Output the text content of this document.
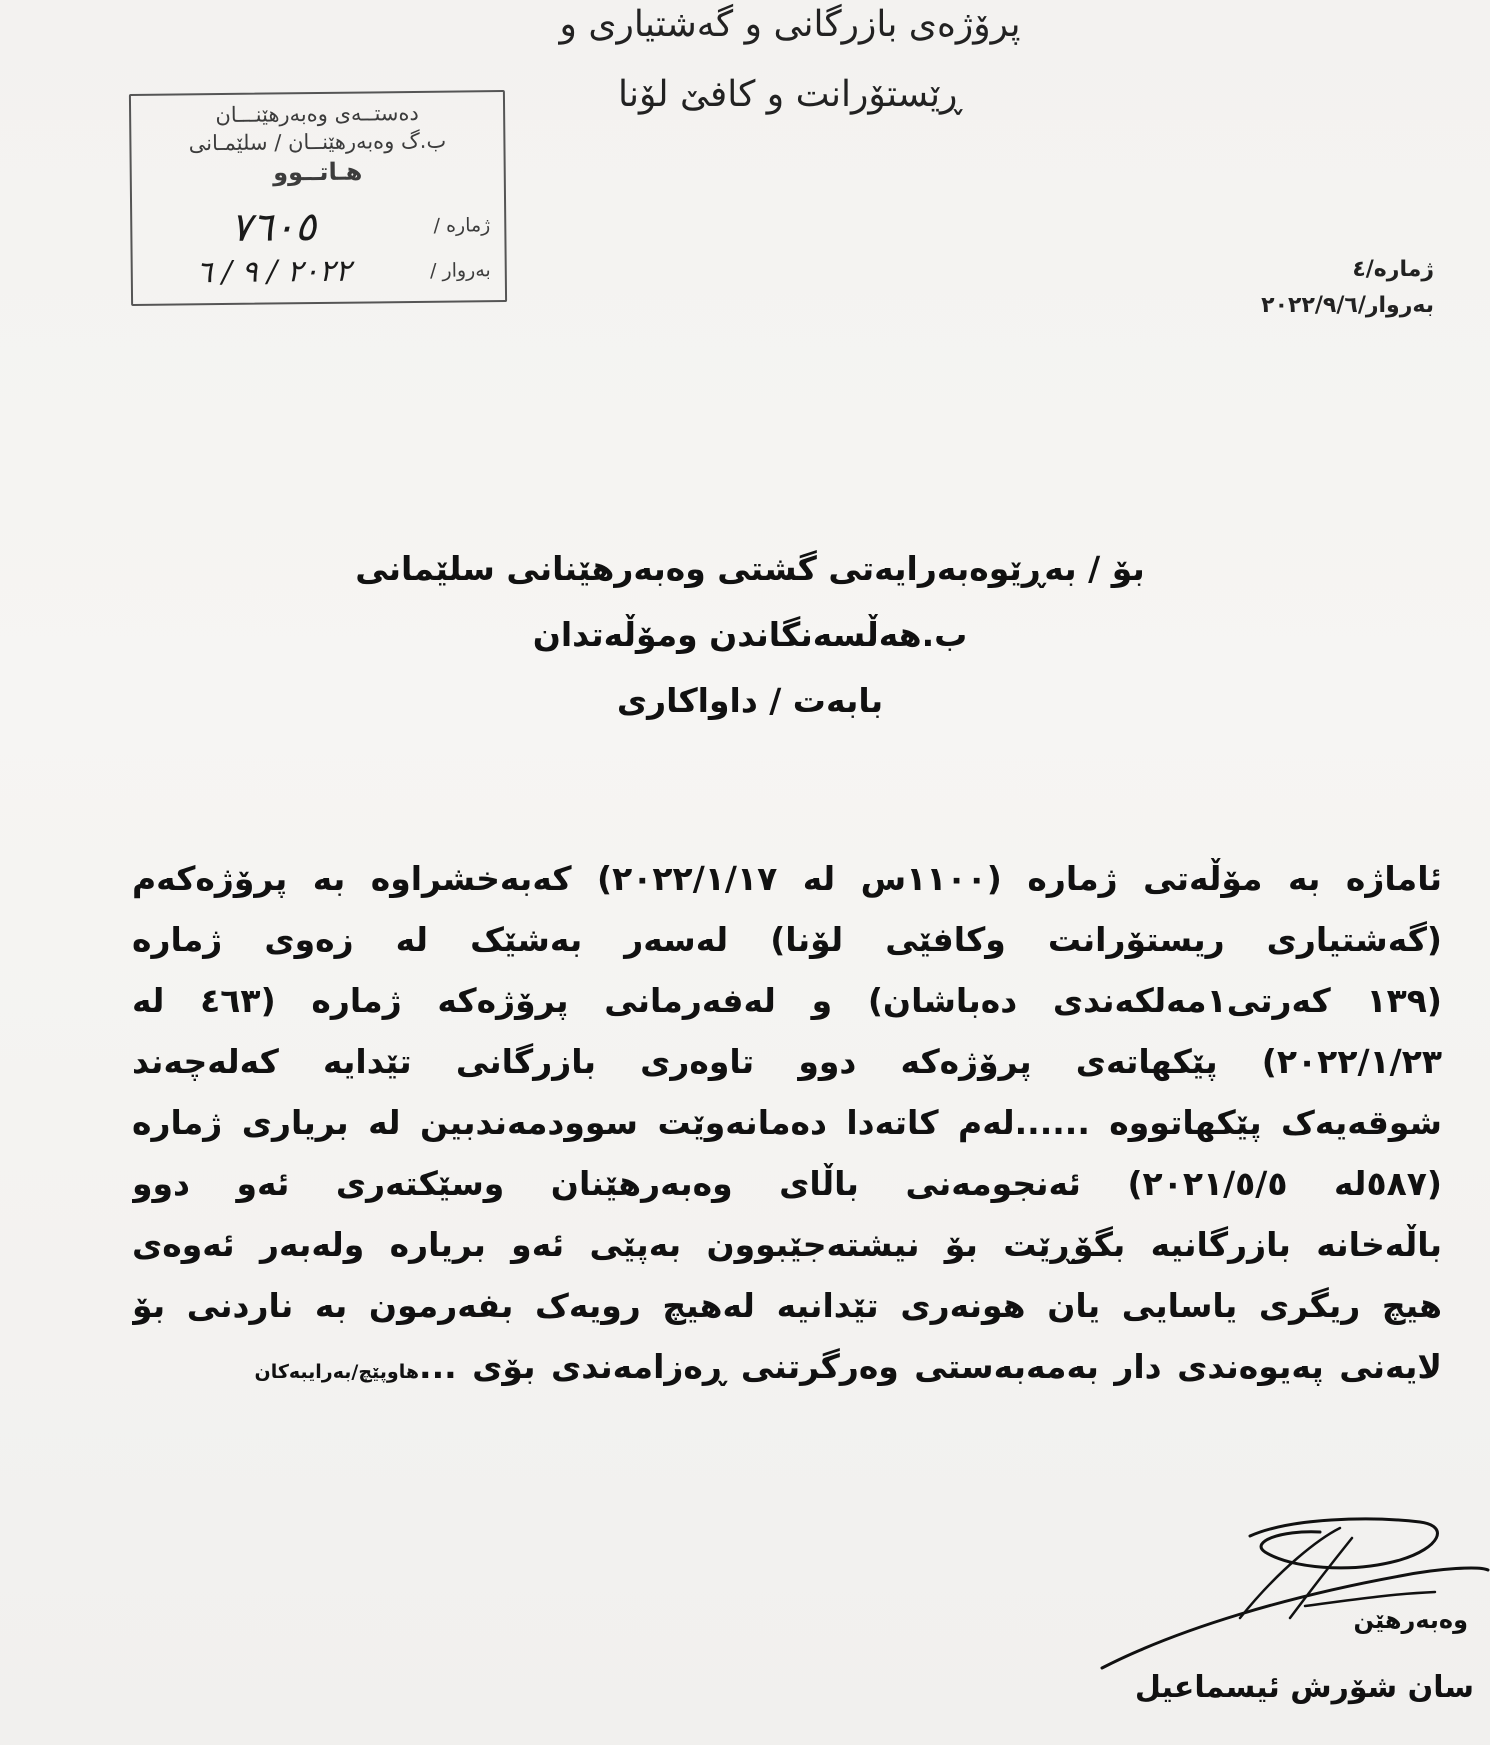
پرۆژەی بازرگانی و گەشتیاری و
ڕێستۆرانت و کافێ لۆنا
دەستــەی وەبەرهێنـــان
ب.گ وەبەرهێنــان / سلێمـانی
هـاتــوو
ژمارە /
٧٦٠٥
بەروار /
٢٠٢٢ / ٩ / ٦	ژمارە/٤
بەروار/٢٠٢٢/٩/٦
بۆ / بەڕێوەبەرایەتی گشتی وەبەرهێنانی سلێمانی
ب.هەڵسەنگاندن ومۆڵەتدان
بابەت / داواکاری
ئاماژە بە مۆڵەتی ژمارە (١١٠٠س لە ٢٠٢٢/١/١٧) کەبەخشراوە بە پرۆژەکەم
(گەشتیاری ریستۆرانت وکافێی لۆنا) لەسەر بەشێک لە زەوی ژمارە
(١٣٩ کەرتی١مەلکەندی دەباشان) و لەفەرمانی پرۆژەکە ژمارە (٤٦٣ لە
٢٠٢٢/١/٢٣) پێکهاتەی پرۆژەکە دوو تاوەری بازرگانی تێدایە کەلەچەند
شوقەیەک پێکهاتووە ......لەم کاتەدا دەمانەوێت سوودمەندبین لە بریاری ژمارە
(٥٨٧لە ٢٠٢١/٥/٥) ئەنجومەنی باڵای وەبەرهێنان وسێکتەری ئەو دوو
باڵەخانە بازرگانیە بگۆڕێت بۆ نیشتەجێبوون بەپێی ئەو بریارە ولەبەر ئەوەی
هیچ ریگری یاسایی یان هونەری تێدانیە لەهیچ رویەک بفەرمون بە ناردنی بۆ
لایەنی پەیوەندی دار بەمەبەستی وەرگرتنی ڕەزامەندی بۆی ...هاوپێچ/بەرایبەکان
وەبەرهێن
سان شۆرش ئیسماعیل
